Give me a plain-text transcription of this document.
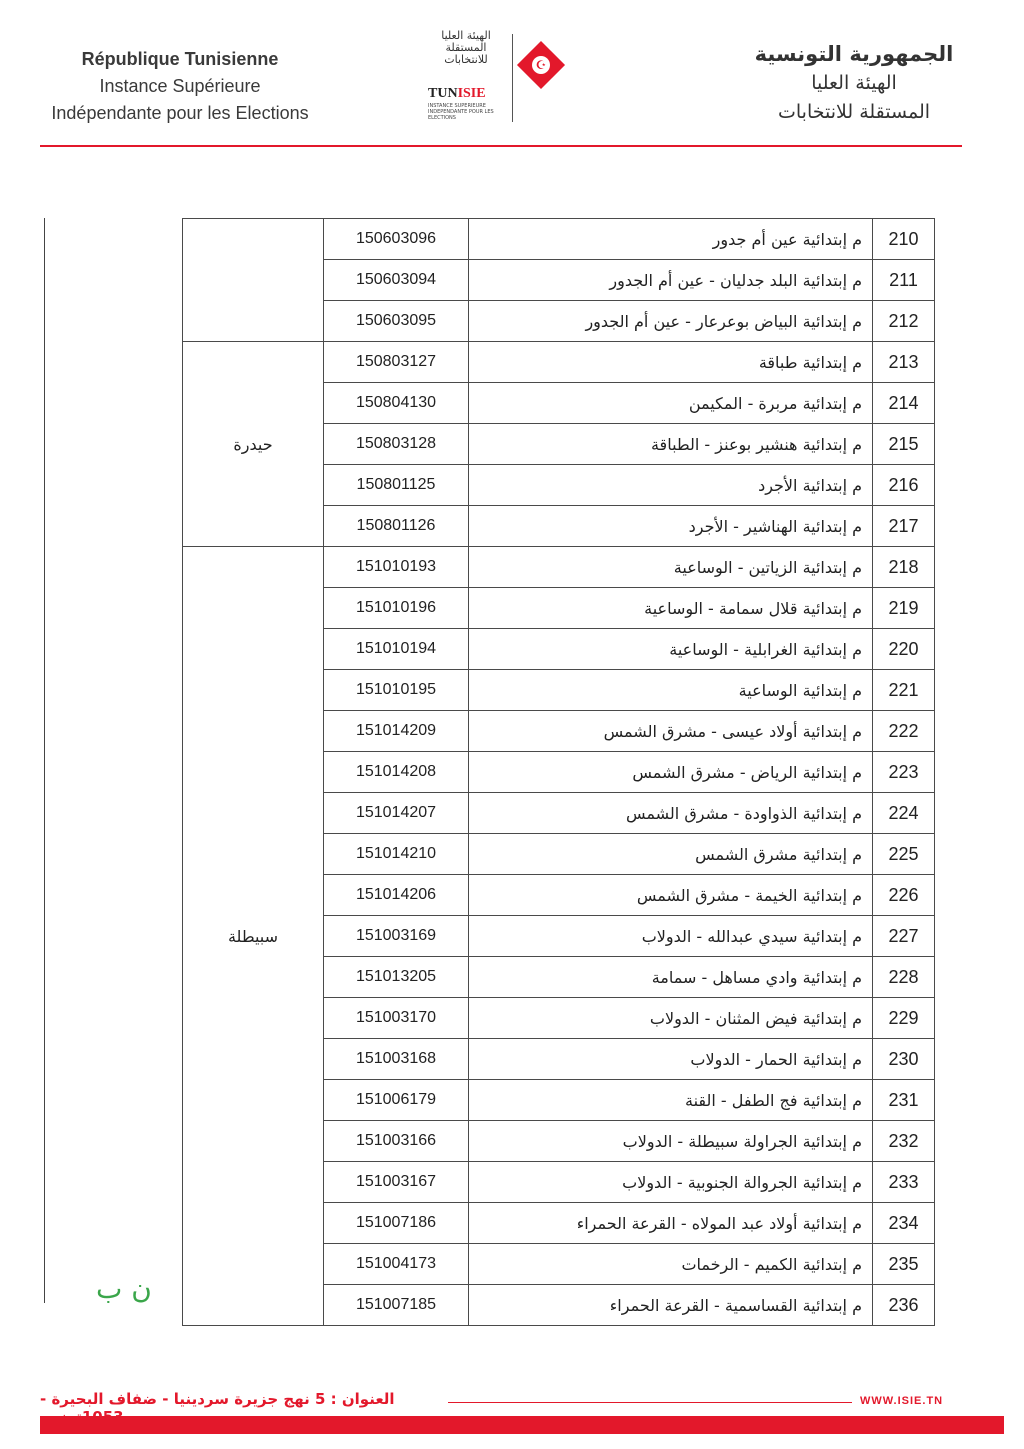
République Tunisienne
Instance Supérieure
Indépendante pour les Elections
الهيئة العليا المستقلة للانتخابات
TUNISIE
INSTANCE SUPERIEURE INDEPENDANTE POUR LES ELECTIONS
☪	الجمهورية التونسية
الهيئة العليا
المستقلة للانتخابات
	150603096	م إبتدائية عين أم جدور	210
	150603094	م إبتدائية البلد جدليان - عين أم الجدور	211
	150603095	م إبتدائية البياض بوعرعار - عين أم الجدور	212
حيدرة	150803127	م إبتدائية طباقة	213
	150804130	م إبتدائية مربرة - المكيمن	214
	150803128	م إبتدائية هنشير بوعنز - الطباقة	215
	150801125	م إبتدائية الأجرد	216
	150801126	م إبتدائية الهناشير - الأجرد	217
سبيطلة	151010193	م إبتدائية الزياتين - الوساعية	218
	151010196	م إبتدائية قلال سمامة - الوساعية	219
	151010194	م إبتدائية الغرابلية - الوساعية	220
	151010195	م إبتدائية الوساعية	221
	151014209	م إبتدائية أولاد عيسى - مشرق الشمس	222
	151014208	م إبتدائية الرياض - مشرق الشمس	223
	151014207	م إبتدائية الذواودة - مشرق الشمس	224
	151014210	م إبتدائية مشرق الشمس	225
	151014206	م إبتدائية الخيمة - مشرق الشمس	226
	151003169	م إبتدائية سيدي عبدالله - الدولاب	227
	151013205	م إبتدائية وادي مساهل - سمامة	228
	151003170	م إبتدائية فيض المثنان - الدولاب	229
	151003168	م إبتدائية الحمار - الدولاب	230
	151006179	م إبتدائية فج الطفل - القنة	231
	151003166	م إبتدائية الجراولة سبيطلة - الدولاب	232
	151003167	م إبتدائية الجروالة الجنوبية - الدولاب	233
	151007186	م إبتدائية أولاد عبد المولاه - القرعة الحمراء	234
	151004173	م إبتدائية الكميم - الرخمات	235
	151007185	م إبتدائية القساسمية - القرعة الحمراء	236
ن ب
العنوان : 5 نهج جزيرة سردينيا - ضفاف البحيرة -	WWW.ISIE.TN
